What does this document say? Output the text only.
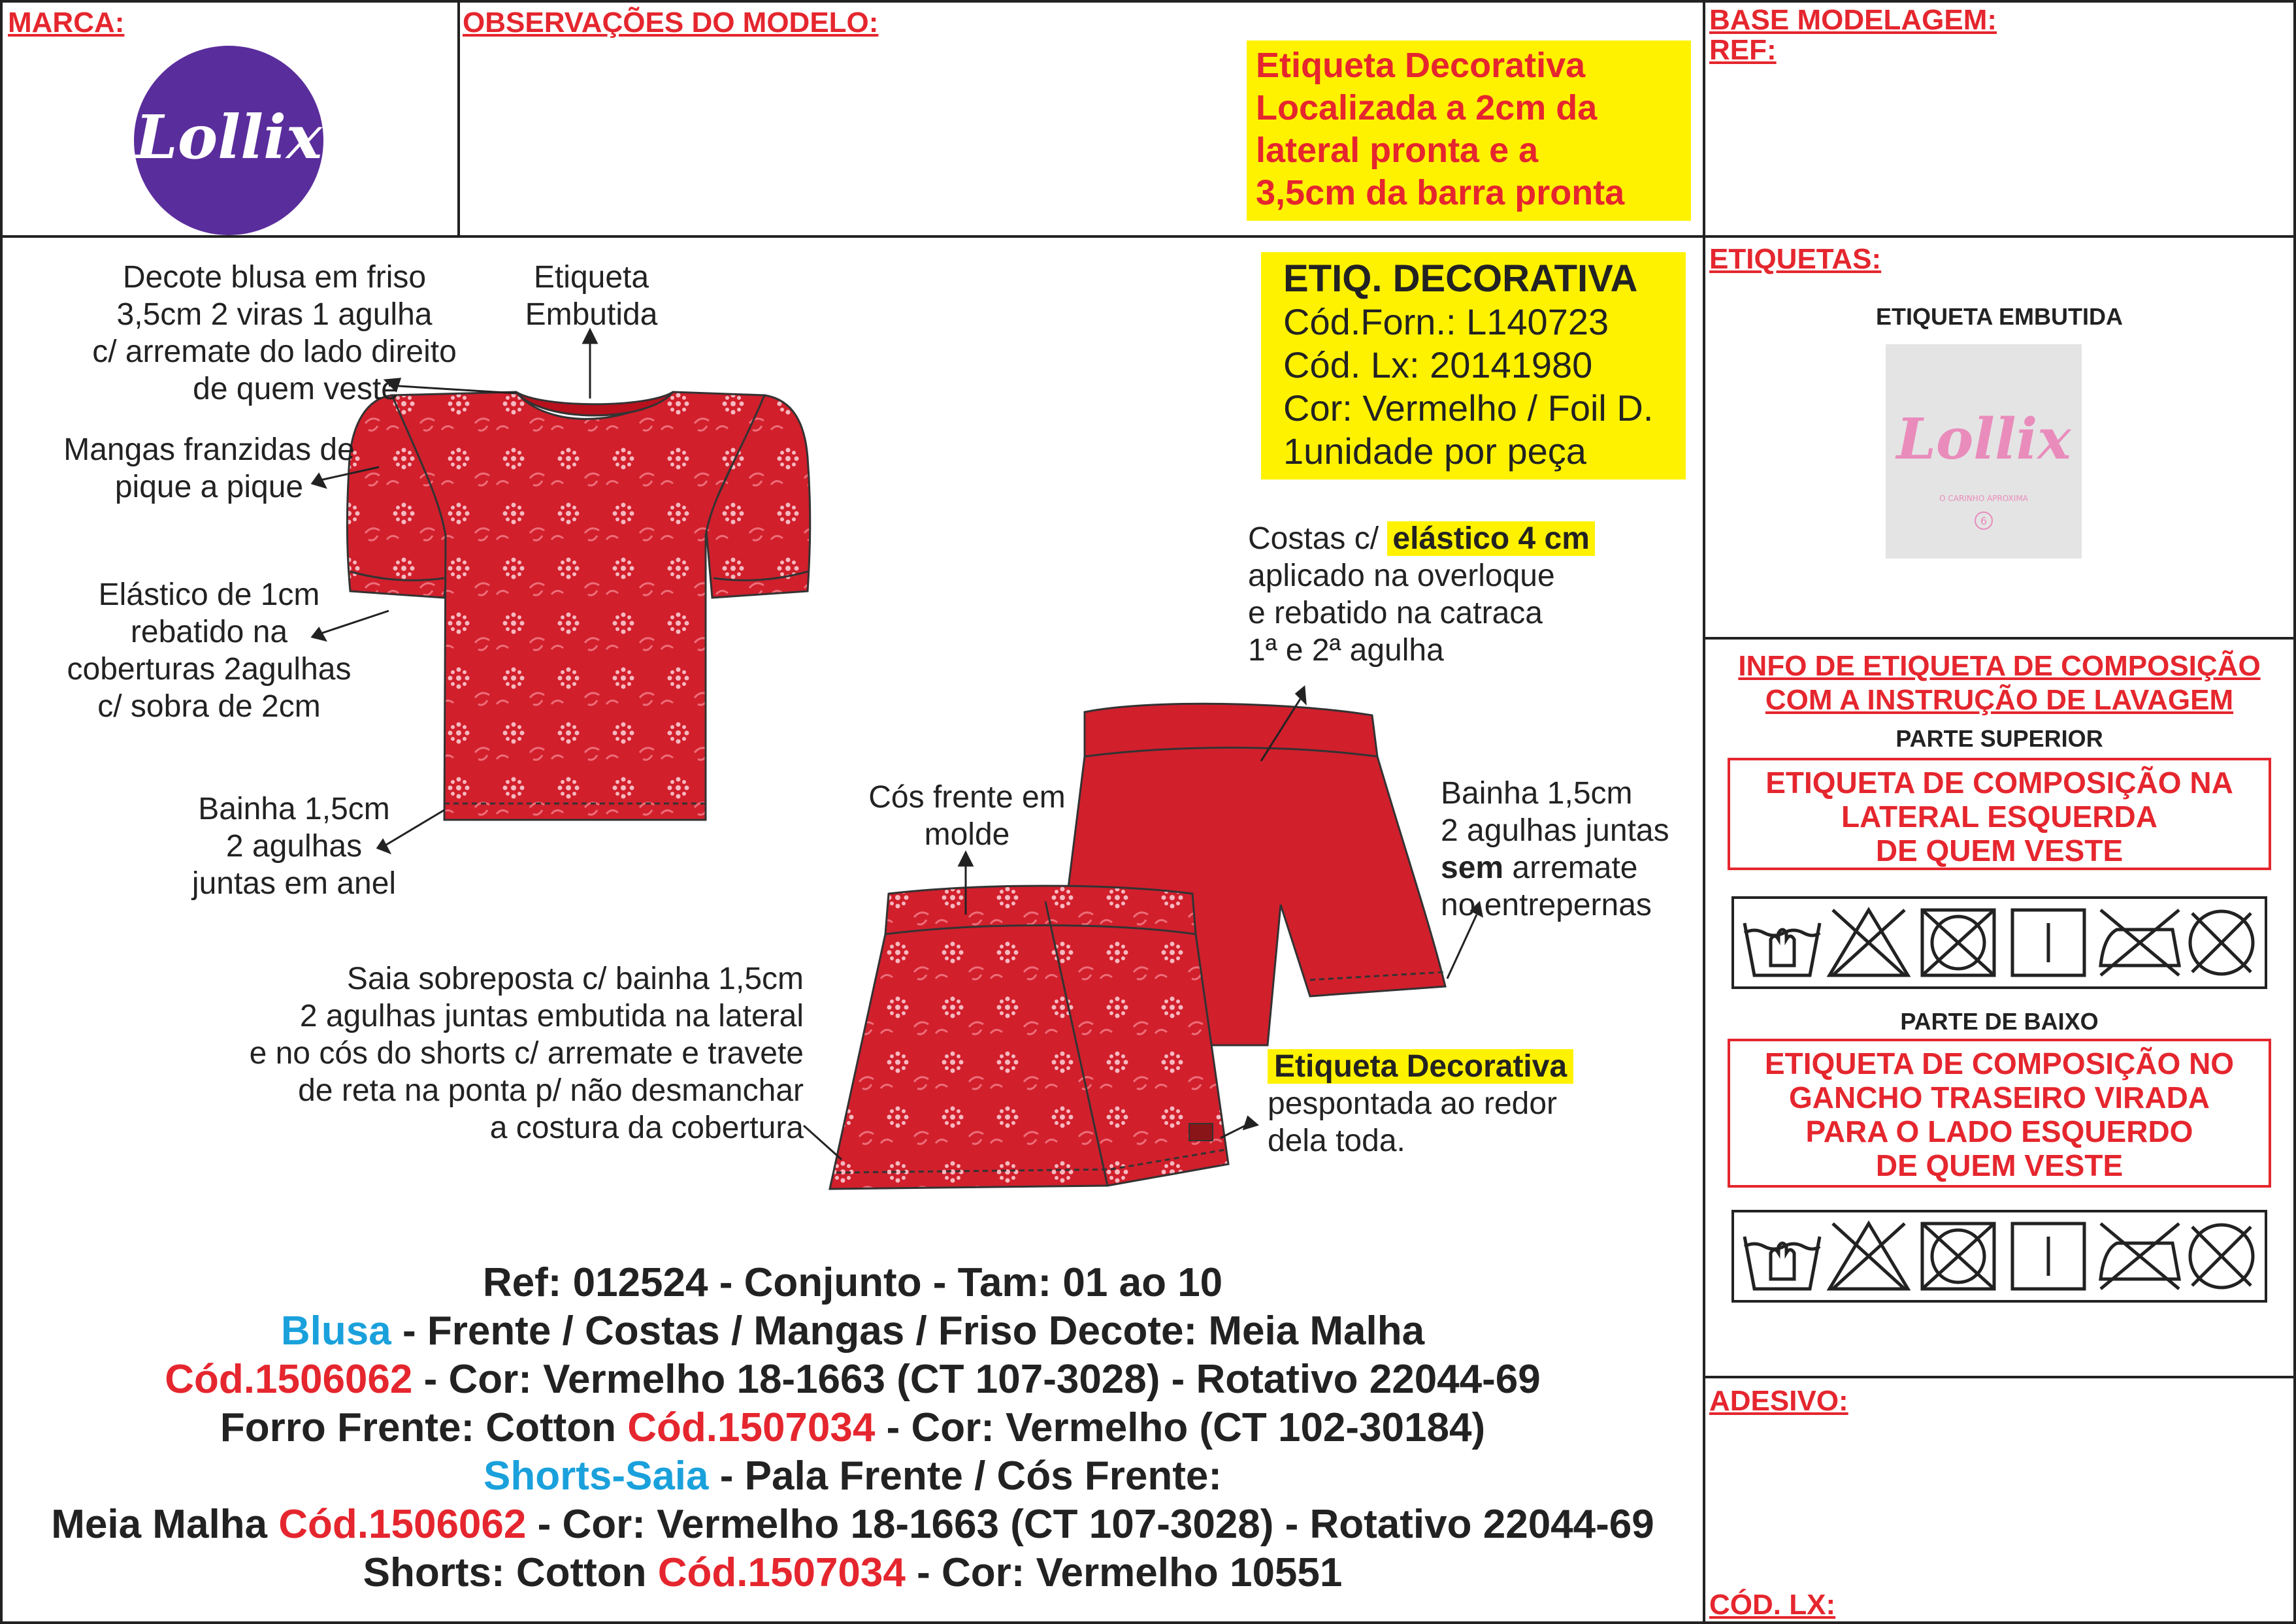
MARCA:
Lollix
OBSERVAÇÕES DO MODELO:
Etiqueta Decorativa
Localizada a 2cm da
lateral pronta e a
3,5cm da barra pronta
BASE MODELAGEM:
REF:
ETIQ. DECORATIVA
Cód.Forn.: L140723
Cód. Lx: 20141980
Cor: Vermelho / Foil D.
1unidade por peça
Decote blusa em friso
3,5cm 2 viras 1 agulha
c/ arremate do lado direito
de quem veste
Etiqueta
Embutida
Mangas franzidas de
pique a pique
Elástico de 1cm
rebatido na
coberturas 2agulhas
c/ sobra de 2cm
Bainha 1,5cm
2 agulhas
juntas em anel
Costas c/ elástico 4 cm
aplicado na overloque
e rebatido na catraca
1ª e 2ª agulha
Cós frente em
molde
Bainha 1,5cm
2 agulhas juntas
sem arremate
no entrepernas
Saia sobreposta c/ bainha 1,5cm
2 agulhas juntas embutida na lateral
e no cós do shorts c/ arremate e travete
de reta na ponta p/ não desmanchar
a costura da cobertura
Etiqueta Decorativa
pespontada ao redor
dela toda.
Ref: 012524 - Conjunto - Tam: 01 ao 10
Blusa - Frente / Costas / Mangas / Friso Decote: Meia Malha
Cód.1506062 - Cor: Vermelho 18-1663 (CT 107-3028) - Rotativo 22044-69
Forro Frente: Cotton Cód.1507034 - Cor: Vermelho (CT 102-30184)
Shorts-Saia - Pala Frente / Cós Frente:
Meia Malha Cód.1506062 - Cor: Vermelho 18-1663 (CT 107-3028) - Rotativo 22044-69
Shorts: Cotton Cód.1507034 - Cor: Vermelho 10551
ETIQUETAS:
ETIQUETA EMBUTIDA
Lollix
O CARINHO APROXIMA
6
INFO DE ETIQUETA DE COMPOSIÇÃO
COM A INSTRUÇÃO DE LAVAGEM
PARTE SUPERIOR
ETIQUETA DE COMPOSIÇÃO NA
LATERAL ESQUERDA
DE QUEM VESTE
PARTE DE BAIXO
ETIQUETA DE COMPOSIÇÃO NO
GANCHO TRASEIRO VIRADA
PARA O LADO ESQUERDO
DE QUEM VESTE
ADESIVO:
CÓD. LX:
